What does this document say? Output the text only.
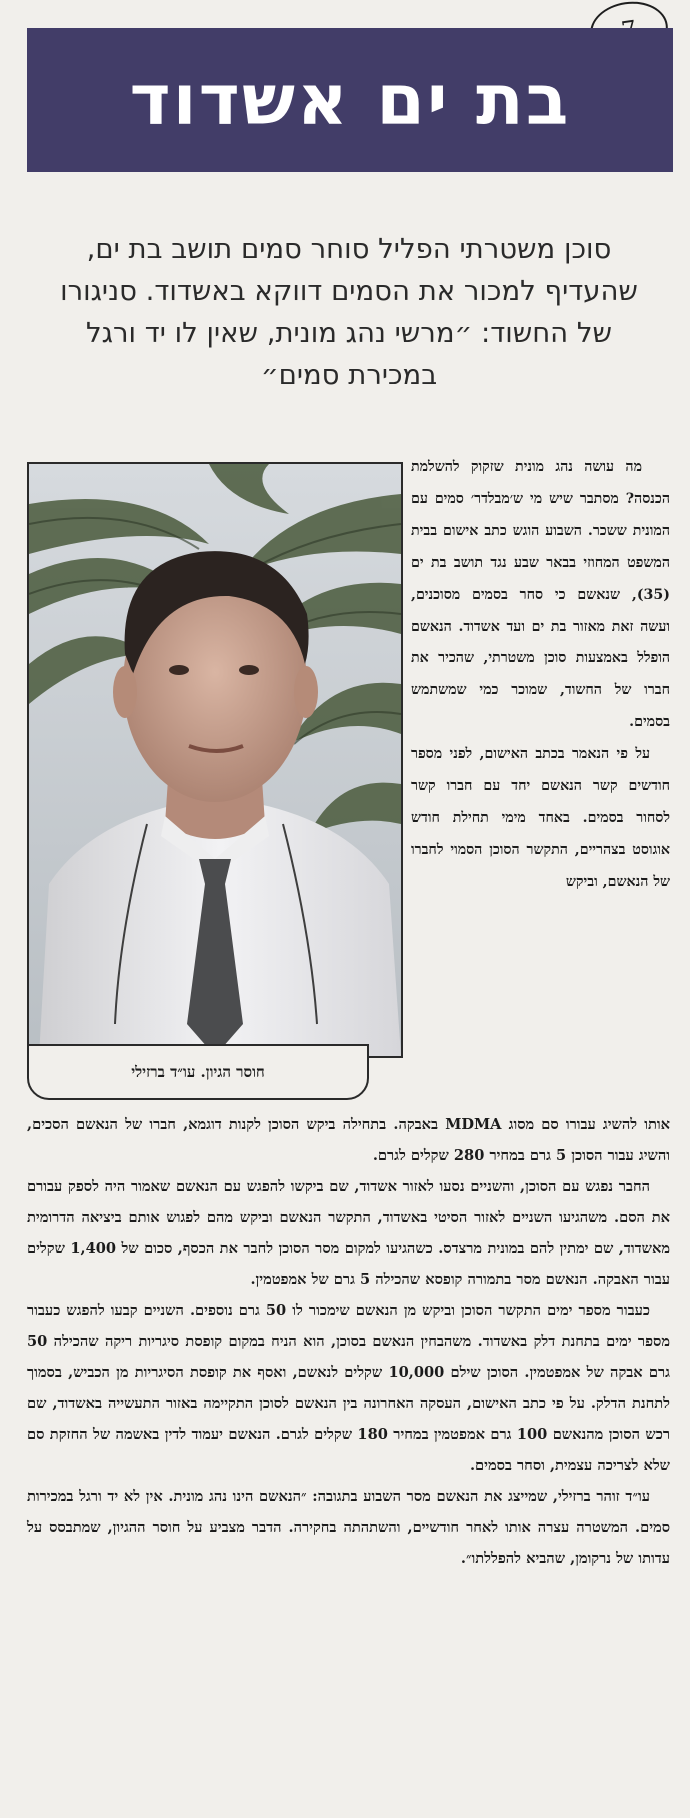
בת ים אשדוד
סוכן משטרתי הפליל סוחר סמים תושב בת ים, שהעדיף למכור את הסמים דווקא באשדוד. סניגורו של החשוד: ״מרשי נהג מונית, שאין לו יד ורגל במכירת סמים״
חוסר הגיון. עו״ד ברזילי

מה עושה נהג מונית שזקוק להשלמת הכנסה? מסתבר שיש מי ש׳מבלדר׳ סמים עם המונית ששכר. השבוע הוגש כתב אישום בבית המשפט המחוזי בבאר שבע נגד תושב בת ים (35), שנאשם כי סחר בסמים מסוכנים, ועשה זאת מאזור בת ים ועד אשדוד. הנאשם הופלל באמצעות סוכן משטרתי, שהכיר את חברו של החשוד, שמוכר כמי שמשתמש בסמים.

על פי הנאמר בכתב האישום, לפני מספר חודשים קשר הנאשם יחד עם חברו קשר לסחור בסמים. באחד מימי תחילת חודש אוגוסט בצהריים, התקשר הסוכן הסמוי לחברו של הנאשם, וביקש

אותו להשיג עבורו סם מסוג MDMA באבקה. בתחילה ביקש הסוכן לקנות דוגמא, חברו של הנאשם הסכים, והשיג עבור הסוכן 5 גרם במחיר 280 שקלים לגרם.

החבר נפגש עם הסוכן, והשניים נסעו לאזור אשדוד, שם ביקשו להפגש עם הנאשם שאמור היה לספק עבורם את הסם. משהגיעו השניים לאזור הסיטי באשדוד, התקשר הנאשם וביקש מהם לפגוש אותם ביציאה הדרומית מאשדוד, שם ימתין להם במונית מרצדס. כשהגיעו למקום מסר הסוכן לחבר את הכסף, סכום של 1,400 שקלים עבור האבקה. הנאשם מסר בתמורה קופסא שהכילה 5 גרם של אמפטמין.

כעבור מספר ימים התקשר הסוכן וביקש מן הנאשם שימכור לו 50 גרם נוספים. השניים קבעו להפגש כעבור מספר ימים בתחנת דלק באשדוד. משהבחין הנאשם בסוכן, הוא הניח במקום קופסת סיגריות ריקה שהכילה 50 גרם אבקה של אמפטמין. הסוכן שילם 10,000 שקלים לנאשם, ואסף את קופסת הסיגריות מן הכביש, בסמוך לתחנת הדלק. על פי כתב האישום, העסקה האחרונה בין הנאשם לסוכן התקיימה באזור התעשייה באשדוד, שם רכש הסוכן מהנאשם 100 גרם אמפטמין במחיר 180 שקלים לגרם. הנאשם יעמוד לדין באשמה של החזקת סם שלא לצריכה עצמית, וסחר בסמים.

עו״ד זוהר ברזילי, שמייצג את הנאשם מסר השבוע בתגובה: ״הנאשם הינו נהג מונית. אין לא יד ורגל במכירות סמים. המשטרה עצרה אותו לאחר חודשיים, והשתהתה בחקירה. הדבר מצביע על חוסר ההגיון, שמתבסס על עדותו של נרקומן, שהביא להפללתו״.
